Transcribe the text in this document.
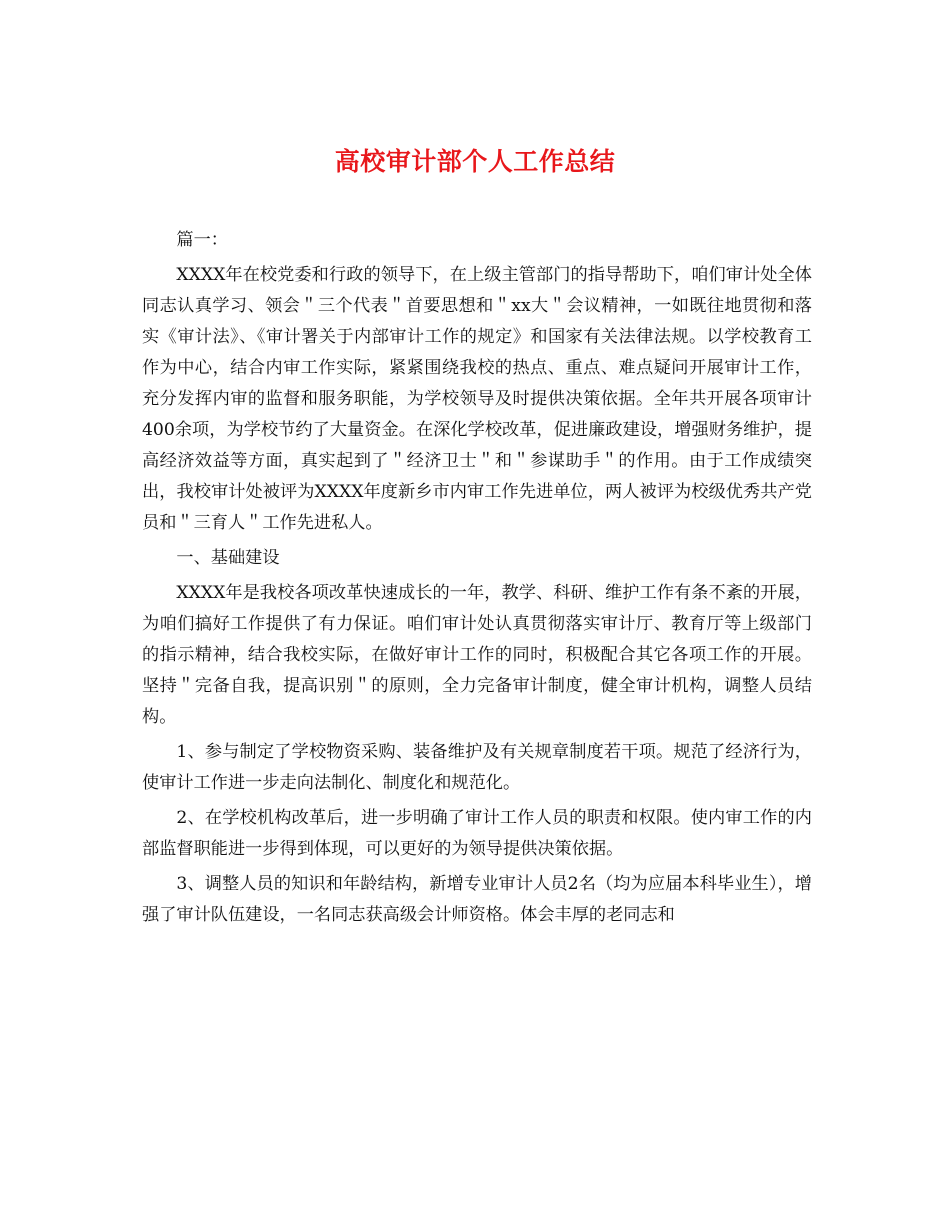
高校审计部个人工作总结

篇一：

XXXX年在校党委和行政的领导下，在上级主管部门的指导帮助下，咱们审计处全体同志认真学习、领会＂三个代表＂首要思想和＂xx大＂会议精神，一如既往地贯彻和落实《审计法》、《审计署关于内部审计工作的规定》和国家有关法律法规。以学校教育工作为中心，结合内审工作实际，紧紧围绕我校的热点、重点、难点疑问开展审计工作，充分发挥内审的监督和服务职能，为学校领导及时提供决策依据。全年共开展各项审计400余项，为学校节约了大量资金。在深化学校改革，促进廉政建设，增强财务维护，提高经济效益等方面，真实起到了＂经济卫士＂和＂参谋助手＂的作用。由于工作成绩突出，我校审计处被评为XXXX年度新乡市内审工作先进单位，两人被评为校级优秀共产党员和＂三育人＂工作先进私人。

一、基础建设

XXXX年是我校各项改革快速成长的一年，教学、科研、维护工作有条不紊的开展，为咱们搞好工作提供了有力保证。咱们审计处认真贯彻落实审计厅、教育厅等上级部门的指示精神，结合我校实际，在做好审计工作的同时，积极配合其它各项工作的开展。坚持＂完备自我，提高识别＂的原则，全力完备审计制度，健全审计机构，调整人员结构。

1、参与制定了学校物资采购、装备维护及有关规章制度若干项。规范了经济行为，使审计工作进一步走向法制化、制度化和规范化。

2、在学校机构改革后，进一步明确了审计工作人员的职责和权限。使内审工作的内部监督职能进一步得到体现，可以更好的为领导提供决策依据。

3、调整人员的知识和年龄结构，新增专业审计人员2名（均为应届本科毕业生），增强了审计队伍建设，一名同志获高级会计师资格。体会丰厚的老同志和
